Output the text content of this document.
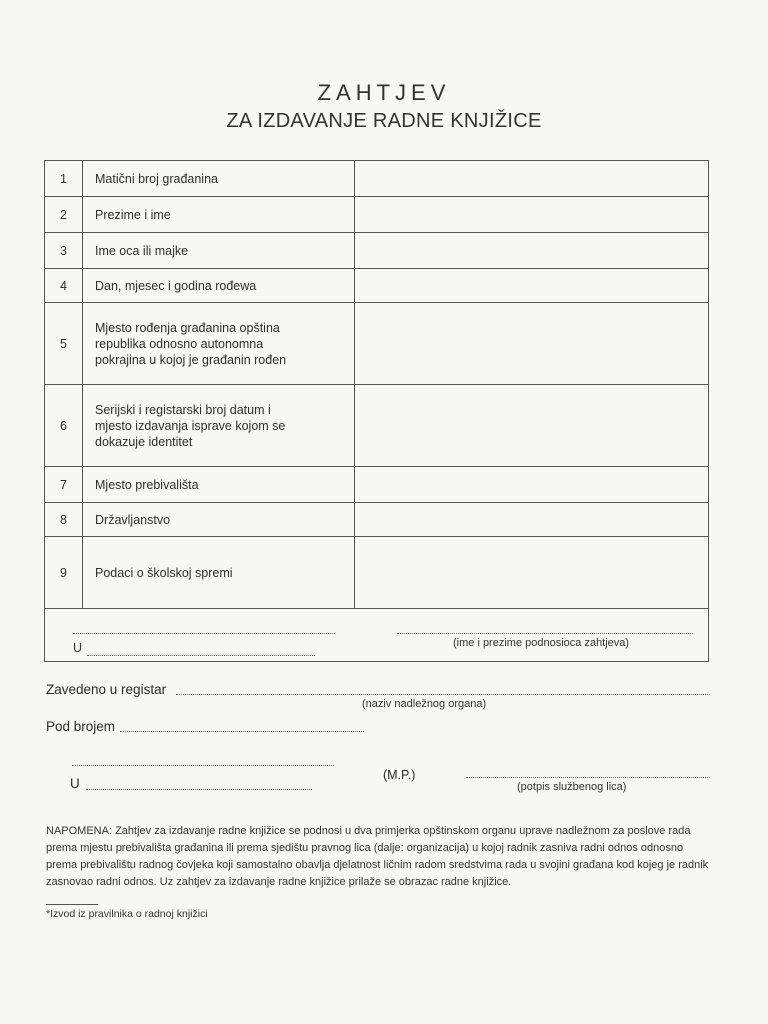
ZAHTJEV
ZA IZDAVANJE RADNE KNJIŽICE
1	Matični broj građanina	
2	Prezime i ime	
3	Ime oca ili majke	
4	Dan, mjesec i godina rođewa	
5	Mjesto rođenja građanina opština republika odnosno autonomna pokrajina u kojoj je građanin rođen	
6	Serijski i registarski broj datum i mjesto izdavanja isprave kojom se dokazuje identitet	
7	Mjesto prebivališta	
8	Državljanstvo	
9	Podaci o školskoj spremi	

U (ime i prezime podnosioca zahtjeva)		
Zavedeno u registar
(naziv nadležnog organa)
Pod brojem
U
(M.P.)
(potpis službenog lica)
NAPOMENA: Zahtjev za izdavanje radne knjižice se podnosi u dva primjerka opštinskom organu uprave nadležnom za poslove rada prema mjestu prebivališta građanina ili prema sjedištu pravnog lica (dalje: organizacija) u kojoj radnik zasniva radni odnos odnosno prema prebivalištu radnog čovjeka koji samostalno obavlja djelatnost ličnim radom sredstvima rada u svojini građana kod kojeg je radnik zasnovao radni odnos. Uz zahtjev za izdavanje radne knjižice prilaže se obrazac radne knjižice.
*Izvod iz pravilnika o radnoj knjižici
